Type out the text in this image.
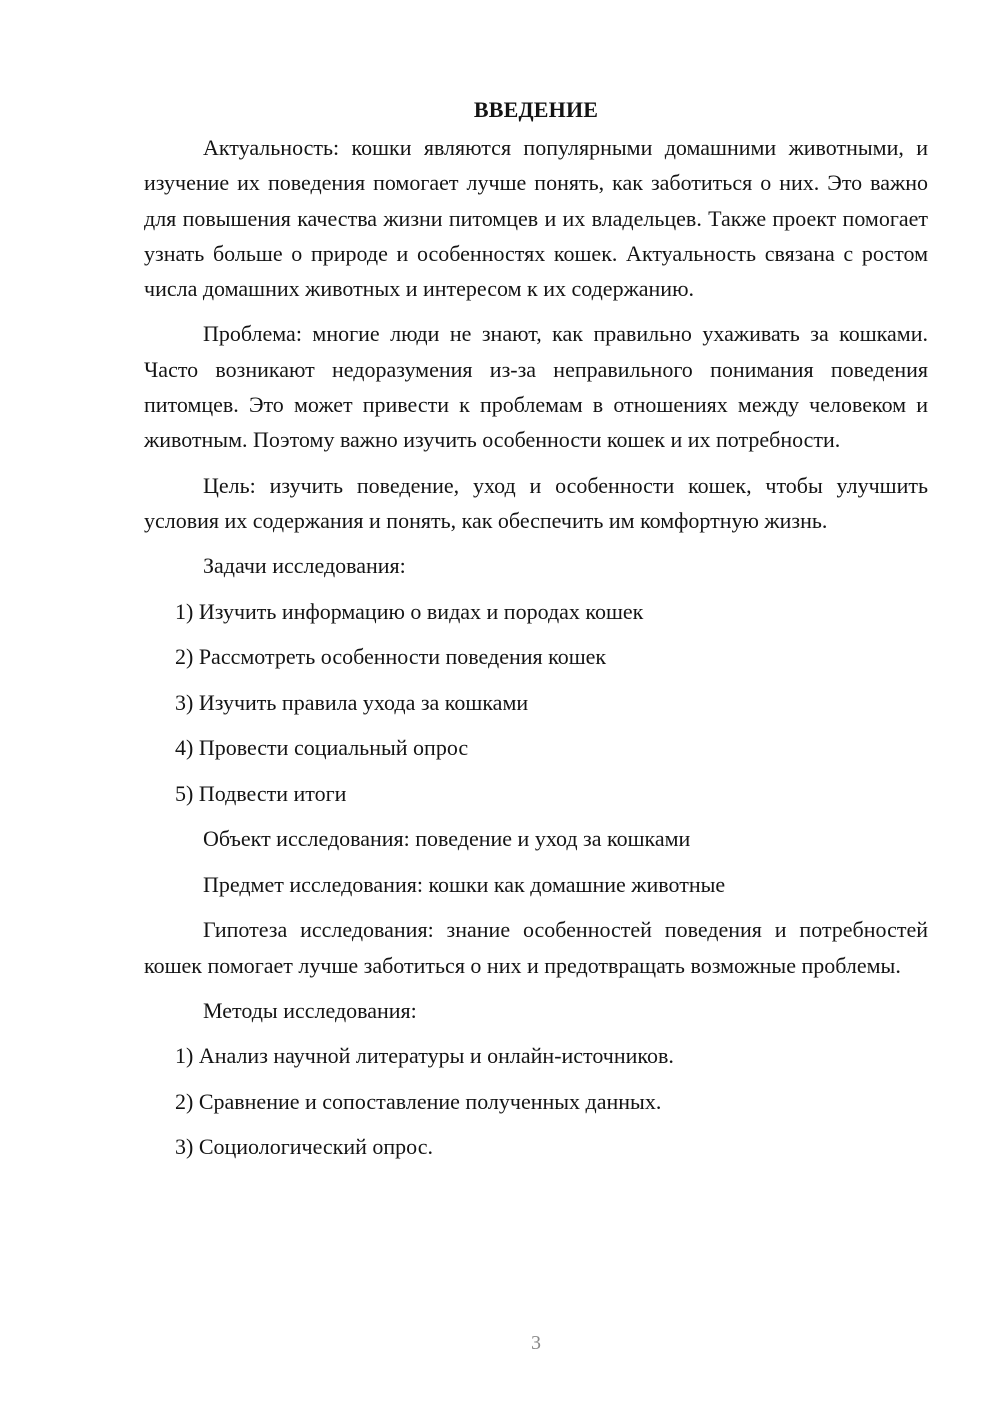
ВВЕДЕНИЕ

Актуальность: кошки являются популярными домашними животными, и изучение их поведения помогает лучше понять, как заботиться о них. Это важно для повышения качества жизни питомцев и их владельцев. Также проект помогает узнать больше о природе и особенностях кошек. Актуальность связана с ростом числа домашних животных и интересом к их содержанию.

Проблема: многие люди не знают, как правильно ухаживать за кошками. Часто возникают недоразумения из-за неправильного понимания поведения питомцев. Это может привести к проблемам в отношениях между человеком и животным. Поэтому важно изучить особенности кошек и их потребности.

Цель: изучить поведение, уход и особенности кошек, чтобы улучшить условия их содержания и понять, как обеспечить им комфортную жизнь.

Задачи исследования:
1) Изучить информацию о видах и породах кошек
2) Рассмотреть особенности поведения кошек
3) Изучить правила ухода за кошками
4) Провести социальный опрос
5) Подвести итоги
Объект исследования: поведение и уход за кошками
Предмет исследования: кошки как домашние животные

Гипотеза исследования: знание особенностей поведения и потребностей кошек помогает лучше заботиться о них и предотвращать возможные проблемы.

Методы исследования:
1) Анализ научной литературы и онлайн-источников.
2) Сравнение и сопоставление полученных данных.
3) Социологический опрос.
3
